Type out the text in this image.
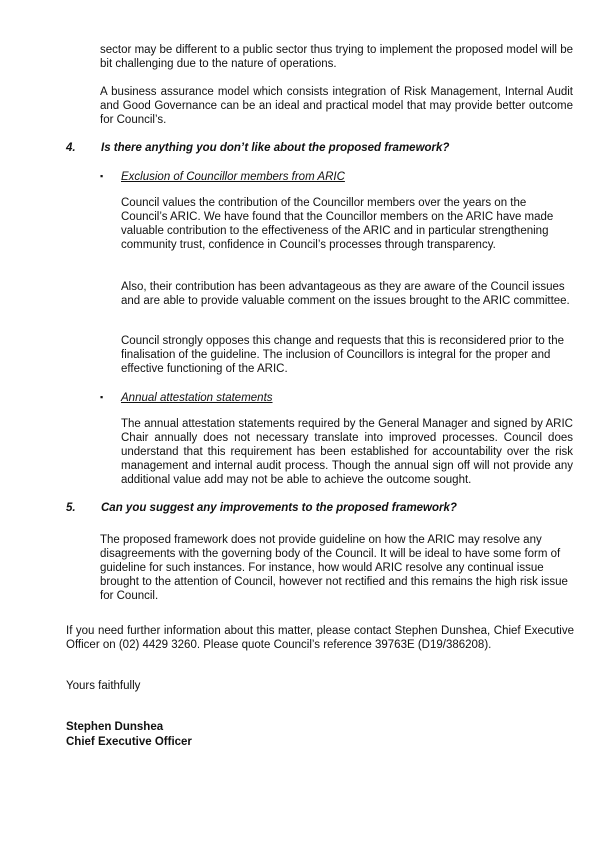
sector may be different to a public sector thus trying to implement the proposed model will be bit challenging due to the nature of operations.

A business assurance model which consists integration of Risk Management, Internal Audit and Good Governance can be an ideal and practical model that may provide better outcome for Council’s.

4. Is there anything you don’t like about the proposed framework?
▪ Exclusion of Councillor members from ARIC

Council values the contribution of the Councillor members over the years on the Council’s ARIC. We have found that the Councillor members on the ARIC have made valuable contribution to the effectiveness of the ARIC and in particular strengthening community trust, confidence in Council’s processes through transparency.

Also, their contribution has been advantageous as they are aware of the Council issues and are able to provide valuable comment on the issues brought to the ARIC committee.

Council strongly opposes this change and requests that this is reconsidered prior to the finalisation of the guideline. The inclusion of Councillors is integral for the proper and effective functioning of the ARIC.

▪ Annual attestation statements

The annual attestation statements required by the General Manager and signed by ARIC Chair annually does not necessary translate into improved processes. Council does understand that this requirement has been established for accountability over the risk management and internal audit process. Though the annual sign off will not provide any additional value add may not be able to achieve the outcome sought.

5. Can you suggest any improvements to the proposed framework?

The proposed framework does not provide guideline on how the ARIC may resolve any disagreements with the governing body of the Council. It will be ideal to have some form of guideline for such instances. For instance, how would ARIC resolve any continual issue brought to the attention of Council, however not rectified and this remains the high risk issue for Council.

If you need further information about this matter, please contact Stephen Dunshea, Chief Executive Officer on (02) 4429 3260. Please quote Council’s reference 39763E (D19/386208).

Yours faithfully

Stephen Dunshea
Chief Executive Officer
